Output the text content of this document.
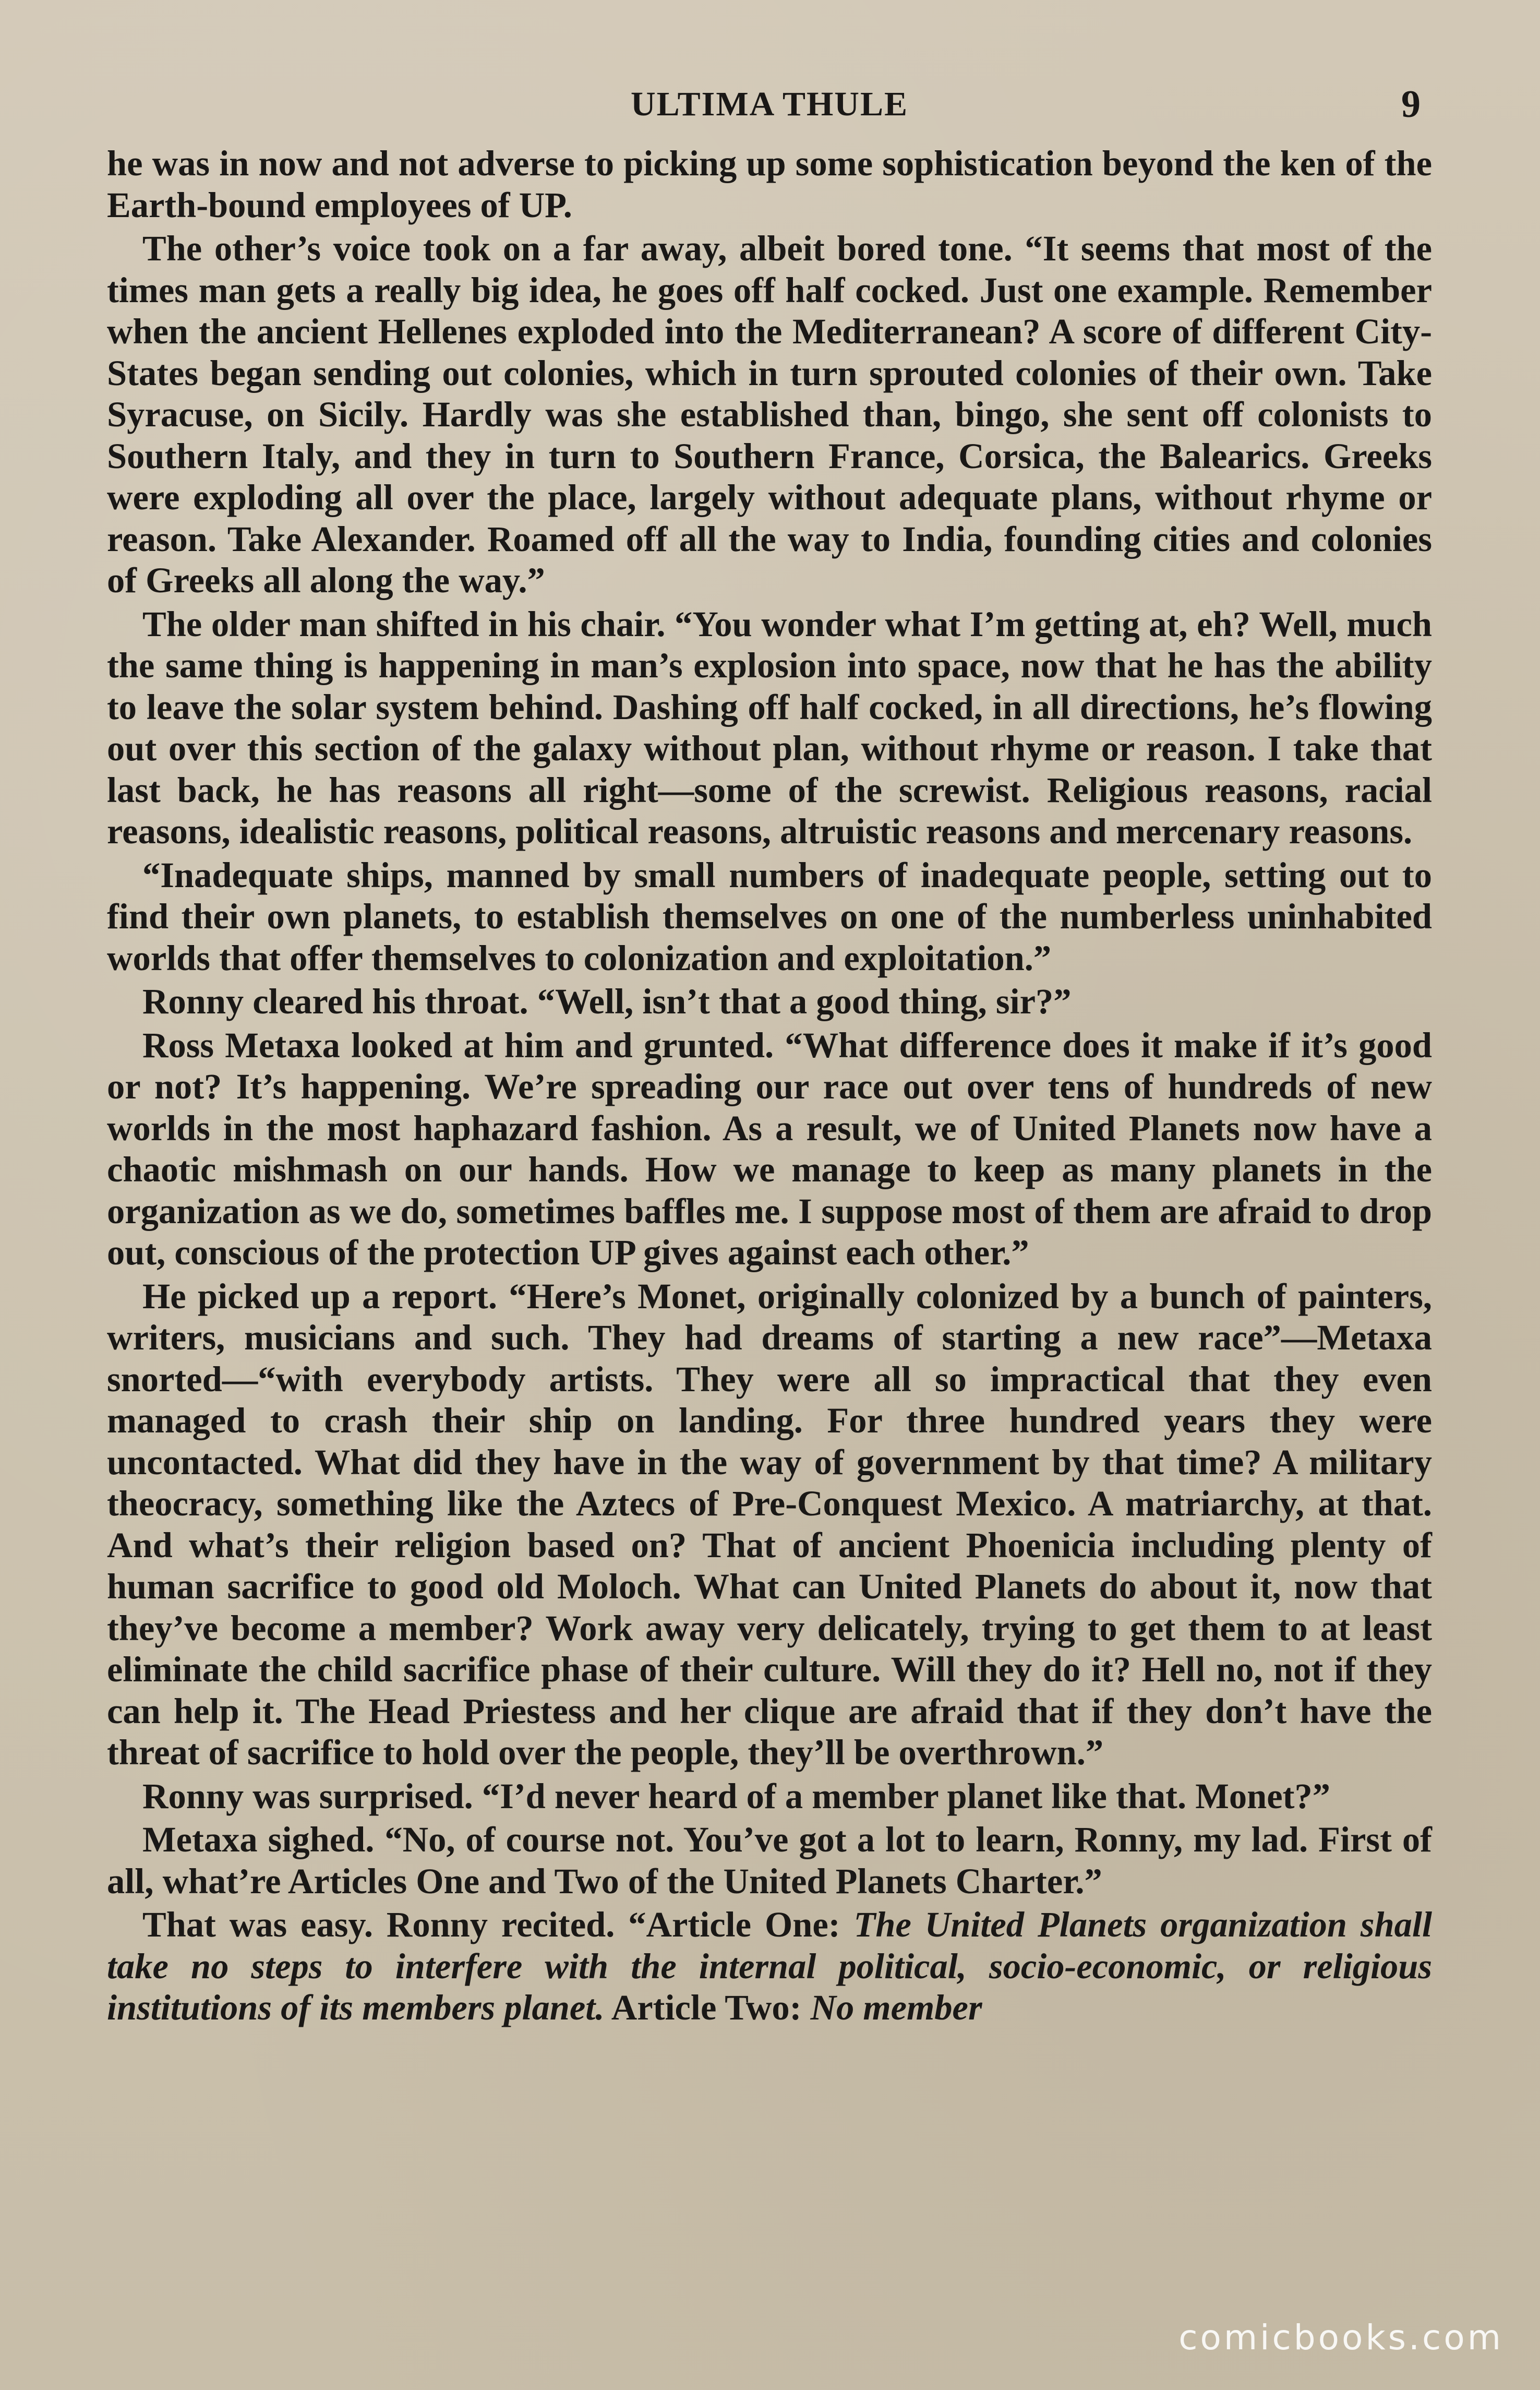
ULTIMA THULE	9

he was in now and not adverse to picking up some sophistication beyond the ken of the Earth-bound employees of UP.

The other’s voice took on a far away, albeit bored tone. “It seems that most of the times man gets a really big idea, he goes off half cocked. Just one example. Remember when the ancient Hellenes exploded into the Mediterranean? A score of different City-States began sending out colonies, which in turn sprouted colonies of their own. Take Syracuse, on Sicily. Hardly was she established than, bingo, she sent off colonists to Southern Italy, and they in turn to Southern France, Corsica, the Balearics. Greeks were exploding all over the place, largely without adequate plans, without rhyme or reason. Take Alexander. Roamed off all the way to India, founding cities and colonies of Greeks all along the way.”

The older man shifted in his chair. “You wonder what I’m getting at, eh? Well, much the same thing is happening in man’s explosion into space, now that he has the ability to leave the solar system behind. Dashing off half cocked, in all directions, he’s flowing out over this section of the galaxy without plan, without rhyme or reason. I take that last back, he has reasons all right—some of the screwist. Religious reasons, racial reasons, idealistic reasons, political reasons, altruistic reasons and mercenary reasons.

“Inadequate ships, manned by small numbers of inadequate people, setting out to find their own planets, to establish themselves on one of the numberless uninhabited worlds that offer themselves to colonization and exploitation.”

Ronny cleared his throat. “Well, isn’t that a good thing, sir?”

Ross Metaxa looked at him and grunted. “What difference does it make if it’s good or not? It’s happening. We’re spreading our race out over tens of hundreds of new worlds in the most haphazard fashion. As a result, we of United Planets now have a chaotic mishmash on our hands. How we manage to keep as many planets in the organization as we do, sometimes baffles me. I suppose most of them are afraid to drop out, conscious of the protection UP gives against each other.”

He picked up a report. “Here’s Monet, originally colonized by a bunch of painters, writers, musicians and such. They had dreams of starting a new race”—Metaxa snorted—“with everybody artists. They were all so impractical that they even managed to crash their ship on landing. For three hundred years they were uncontacted. What did they have in the way of government by that time? A military theocracy, something like the Aztecs of Pre-Conquest Mexico. A matriarchy, at that. And what’s their religion based on? That of ancient Phoenicia including plenty of human sacrifice to good old Moloch. What can United Planets do about it, now that they’ve become a member? Work away very delicately, trying to get them to at least eliminate the child sacrifice phase of their culture. Will they do it? Hell no, not if they can help it. The Head Priestess and her clique are afraid that if they don’t have the threat of sacrifice to hold over the people, they’ll be overthrown.”

Ronny was surprised. “I’d never heard of a member planet like that. Monet?”

Metaxa sighed. “No, of course not. You’ve got a lot to learn, Ronny, my lad. First of all, what’re Articles One and Two of the United Planets Charter.”

That was easy. Ronny recited. “Article One: The United Planets organization shall take no steps to interfere with the internal political, socio-economic, or religious institutions of its members planet. Article Two: No member

comicbooks.com
